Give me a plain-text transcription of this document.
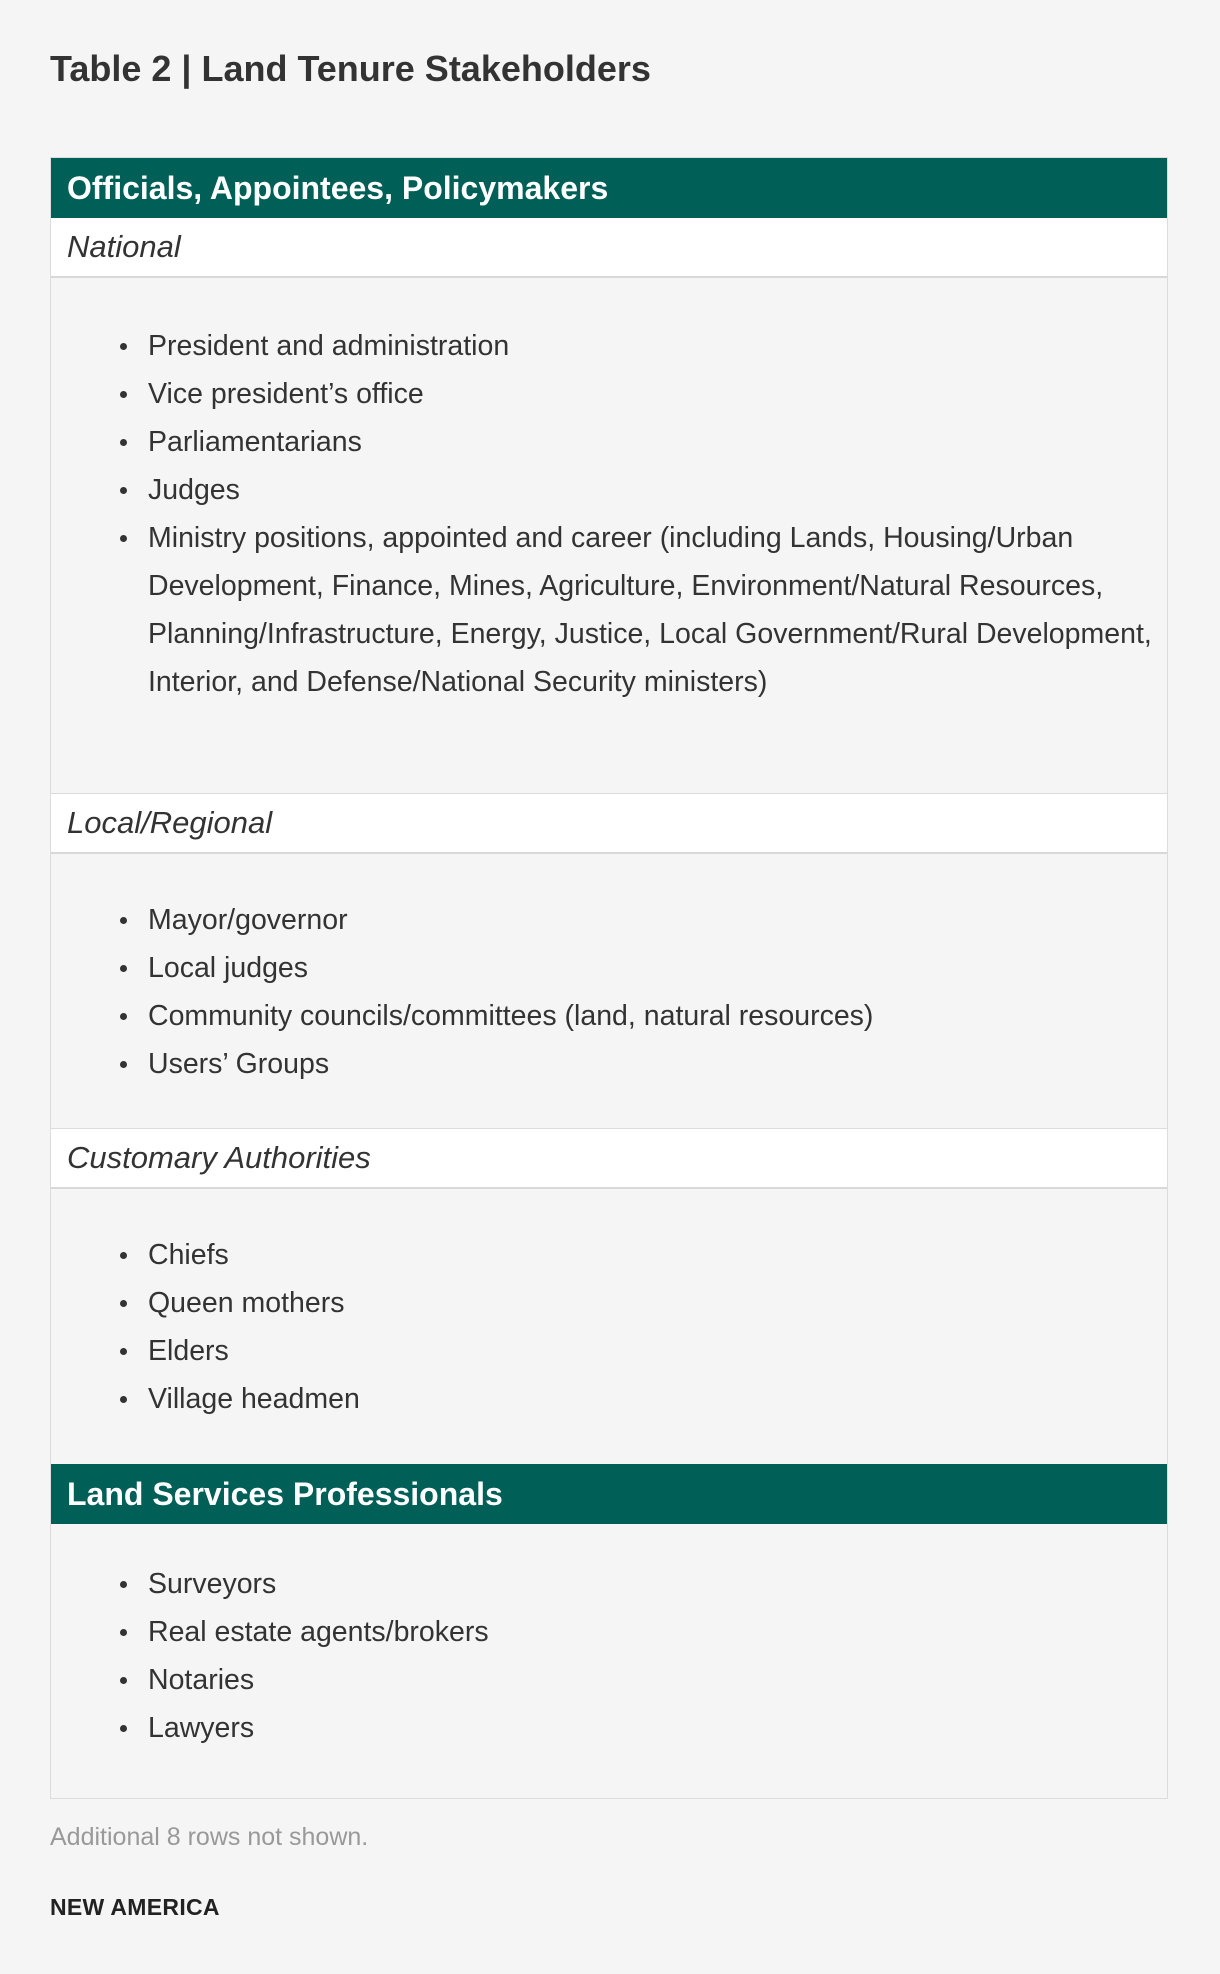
Table 2 | Land Tenure Stakeholders
Officials, Appointees, Policymakers
National
President and administration
Vice president’s office
Parliamentarians
Judges
Ministry positions, appointed and career (including Lands, Housing/Urban Development, Finance, Mines, Agriculture, Environment/Natural Resources, Planning/Infrastructure, Energy, Justice, Local Government/Rural Development, Interior, and Defense/National Security ministers)
Local/Regional
Mayor/governor
Local judges
Community councils/committees (land, natural resources)
Users’ Groups
Customary Authorities
Chiefs
Queen mothers
Elders
Village headmen
Land Services Professionals
Surveyors
Real estate agents/brokers
Notaries
Lawyers
Additional 8 rows not shown.
NEW AMERICA
